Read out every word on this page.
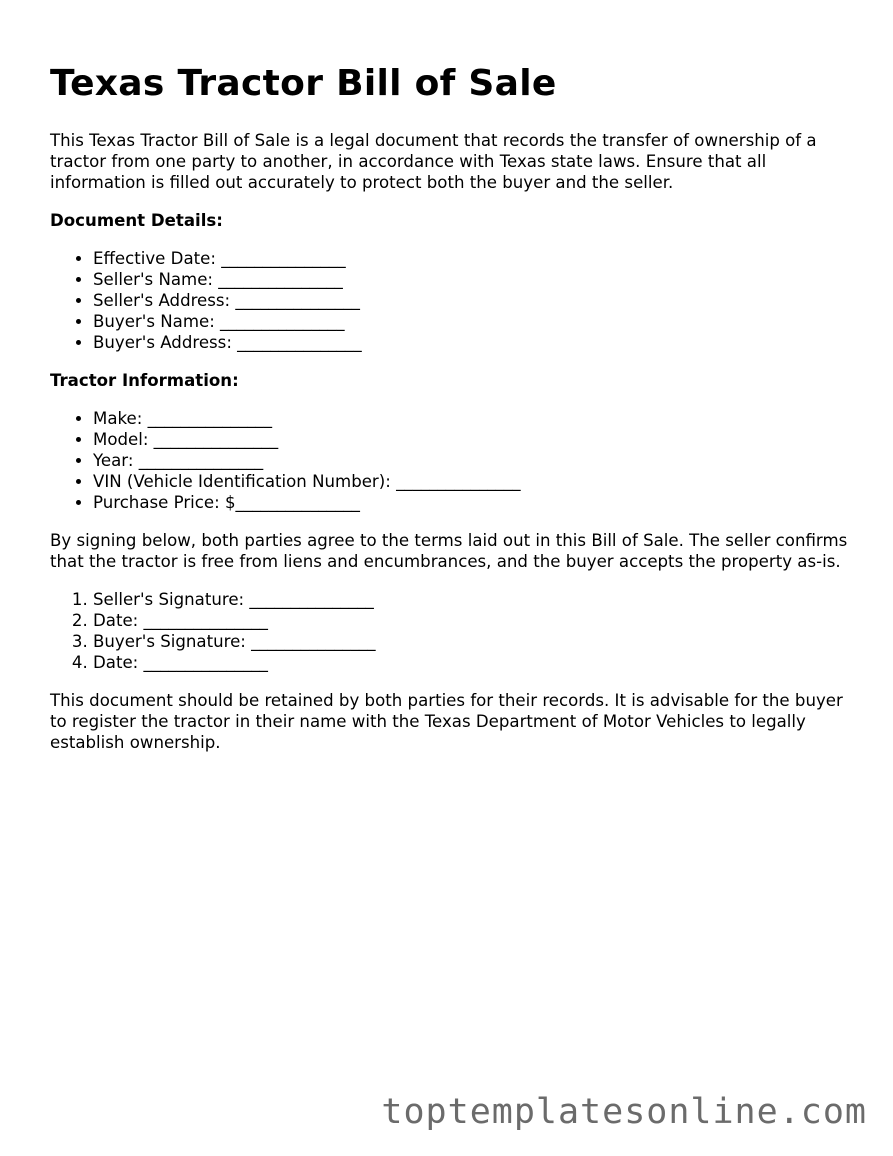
Texas Tractor Bill of Sale

This Texas Tractor Bill of Sale is a legal document that records the transfer of ownership of a tractor from one party to another, in accordance with Texas state laws. Ensure that all information is filled out accurately to protect both the buyer and the seller.

Document Details:
• Effective Date: _______________
• Seller's Name: _______________
• Seller's Address: _______________
• Buyer's Name: _______________
• Buyer's Address: _______________
Tractor Information:
• Make: _______________
• Model: _______________
• Year: _______________
• VIN (Vehicle Identification Number): _______________
• Purchase Price: $_______________

By signing below, both parties agree to the terms laid out in this Bill of Sale. The seller confirms that the tractor is free from liens and encumbrances, and the buyer accepts the property as-is.

1. Seller's Signature: _______________
2. Date: _______________
3. Buyer's Signature: _______________
4. Date: _______________

This document should be retained by both parties for their records. It is advisable for the buyer to register the tractor in their name with the Texas Department of Motor Vehicles to legally establish ownership.

toptemplatesonline.com
